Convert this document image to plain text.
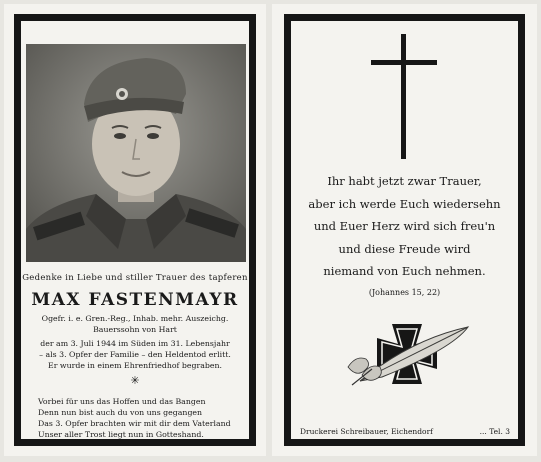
Gedenke in Liebe und stiller Trauer des tapferen
MAX FASTENMAYR
Ogefr. i. e. Gren.-Reg., Inhab. mehr. Auszeichg.
Bauerssohn von Hart
der am 3. Juli 1944 im Süden im 31. Lebensjahr
– als 3. Opfer der Familie – den Heldentod erlitt.
Er wurde in einem Ehrenfriedhof begraben.
✳
Vorbei für uns das Hoffen und das Bangen
Denn nun bist auch du von uns gegangen
Das 3. Opfer brachten wir mit dir dem Vaterland
Unser aller Trost liegt nun in Gotteshand.
Ihr habt jetzt zwar Trauer,
aber ich werde Euch wiedersehn
und Euer Herz wird sich freu'n
und diese Freude wird
niemand von Euch nehmen.
(Johannes 15, 22)
Druckerei Schreibauer, Eichendorf	... Tel. 3
